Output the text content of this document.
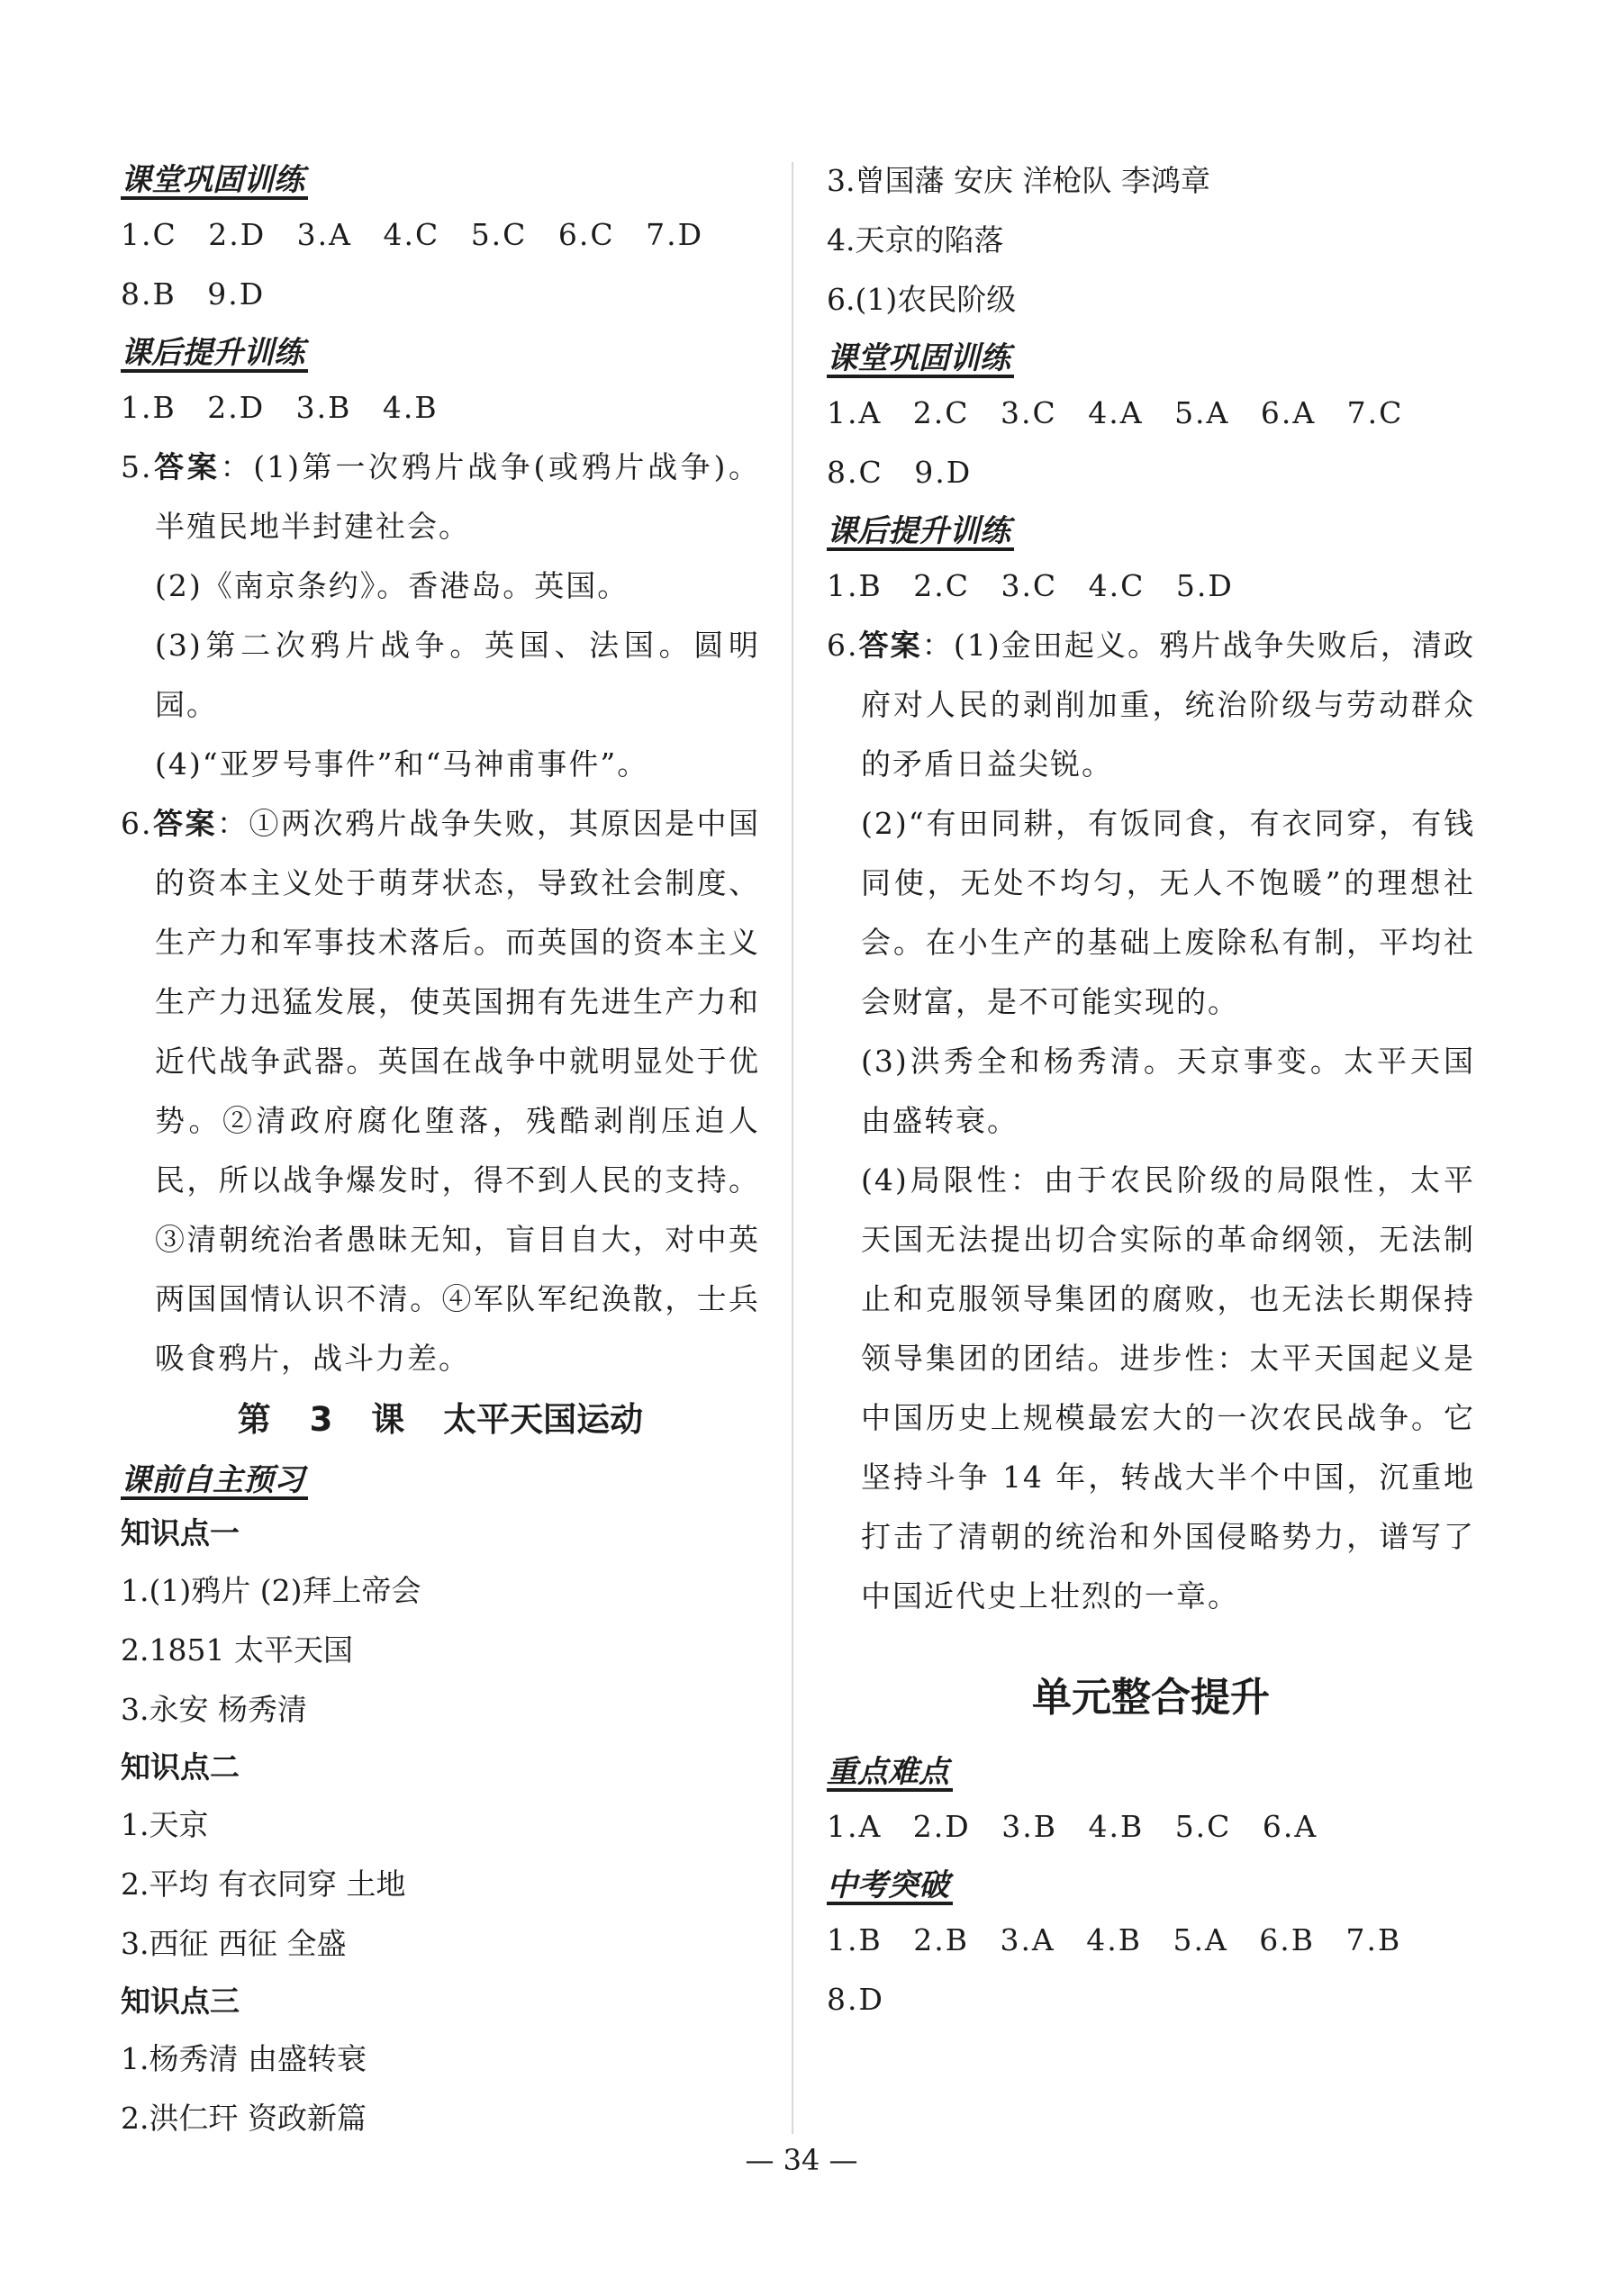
课堂巩固训练
1.C 2.D 3.A 4.C 5.C 6.C 7.D
8.B 9.D
课后提升训练
1.B 2.D 3.B 4.B
5.答案：(1)第一次鸦片战争(或鸦片战争)。半殖民地半封建社会。
(2)《南京条约》。香港岛。英国。
(3)第二次鸦片战争。英国、法国。圆明园。
(4)“亚罗号事件”和“马神甫事件”。
6.答案：①两次鸦片战争失败，其原因是中国的资本主义处于萌芽状态，导致社会制度、生产力和军事技术落后。而英国的资本主义生产力迅猛发展，使英国拥有先进生产力和近代战争武器。英国在战争中就明显处于优势。②清政府腐化堕落，残酷剥削压迫人民，所以战争爆发时，得不到人民的支持。③清朝统治者愚昧无知，盲目自大，对中英两国国情认识不清。④军队军纪涣散，士兵吸食鸦片，战斗力差。
第 3 课 太平天国运动
课前自主预习
知识点一
1.(1)鸦片 (2)拜上帝会
2.1851 太平天国
3.永安 杨秀清
知识点二
1.天京
2.平均 有衣同穿 土地
3.西征 西征 全盛
知识点三
1.杨秀清 由盛转衰
2.洪仁玕 资政新篇
3.曾国藩 安庆 洋枪队 李鸿章
4.天京的陷落
6.(1)农民阶级
课堂巩固训练
1.A 2.C 3.C 4.A 5.A 6.A 7.C
8.C 9.D
课后提升训练
1.B 2.C 3.C 4.C 5.D
6.答案：(1)金田起义。鸦片战争失败后，清政府对人民的剥削加重，统治阶级与劳动群众的矛盾日益尖锐。
(2)“有田同耕，有饭同食，有衣同穿，有钱同使，无处不均匀，无人不饱暖”的理想社会。在小生产的基础上废除私有制，平均社会财富，是不可能实现的。
(3)洪秀全和杨秀清。天京事变。太平天国由盛转衰。
(4)局限性：由于农民阶级的局限性，太平天国无法提出切合实际的革命纲领，无法制止和克服领导集团的腐败，也无法长期保持领导集团的团结。进步性：太平天国起义是中国历史上规模最宏大的一次农民战争。它坚持斗争 14 年，转战大半个中国，沉重地打击了清朝的统治和外国侵略势力，谱写了中国近代史上壮烈的一章。
单元整合提升
重点难点
1.A 2.D 3.B 4.B 5.C 6.A
中考突破
1.B 2.B 3.A 4.B 5.A 6.B 7.B
8.D
— 34 —
